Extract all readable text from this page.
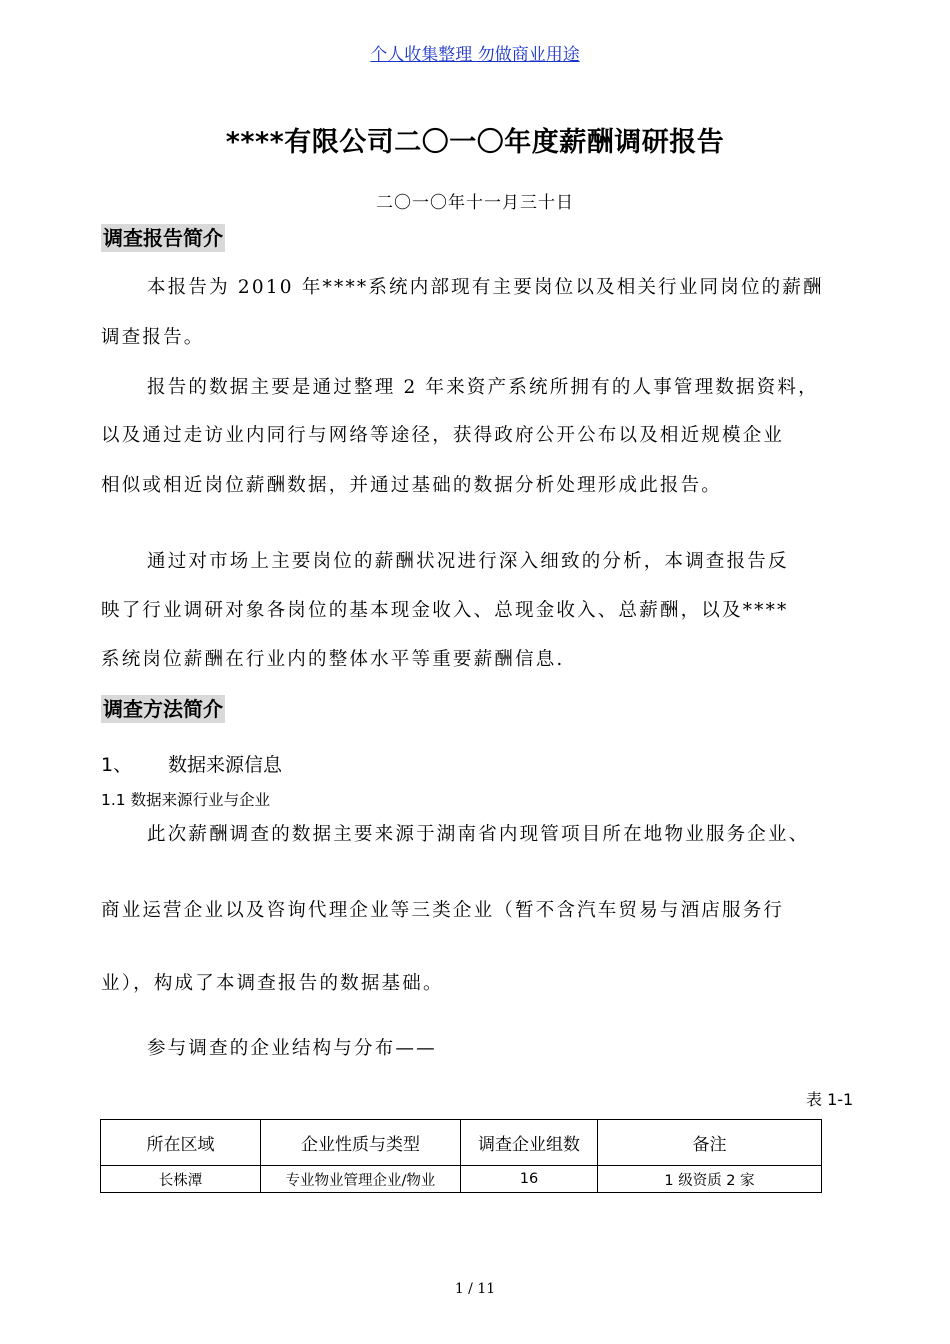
个人收集整理 勿做商业用途
****有限公司二〇一〇年度薪酬调研报告
二〇一〇年十一月三十日
调查报告简介
本报告为 2010 年****系统内部现有主要岗位以及相关行业同岗位的薪酬
调查报告。
报告的数据主要是通过整理 2 年来资产系统所拥有的人事管理数据资料，
以及通过走访业内同行与网络等途径，获得政府公开公布以及相近规模企业
相似或相近岗位薪酬数据，并通过基础的数据分析处理形成此报告。
通过对市场上主要岗位的薪酬状况进行深入细致的分析，本调查报告反
映了行业调研对象各岗位的基本现金收入、总现金收入、总薪酬，以及****
系统岗位薪酬在行业内的整体水平等重要薪酬信息.
调查方法简介
1、 数据来源信息
1.1 数据来源行业与企业
此次薪酬调查的数据主要来源于湖南省内现管项目所在地物业服务企业、
商业运营企业以及咨询代理企业等三类企业（暂不含汽车贸易与酒店服务行
业），构成了本调查报告的数据基础。
参与调查的企业结构与分布——
表 1-1
所在区域	企业性质与类型	调查企业组数	备注
长株潭	专业物业管理企业/物业	16	1 级资质 2 家
1 / 11
